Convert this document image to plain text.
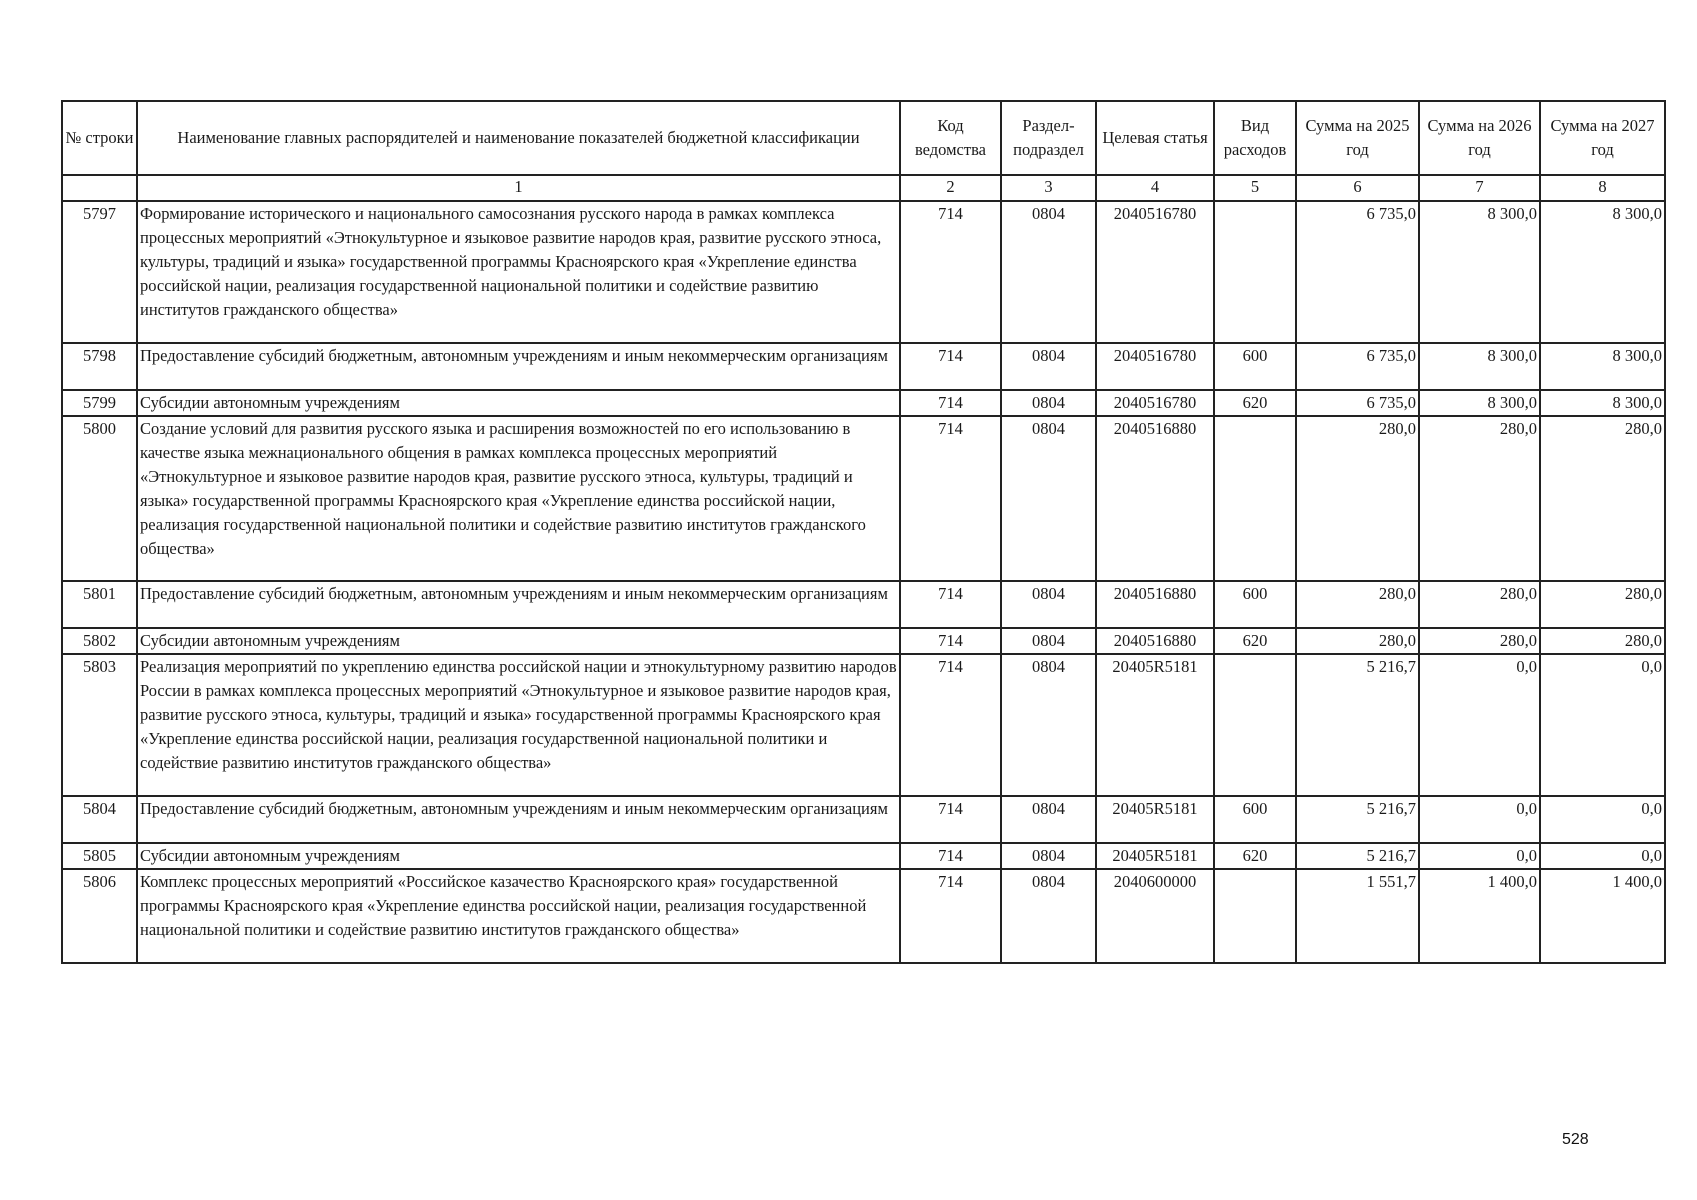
№ строки	Наименование главных распорядителей и наименование показателей бюджетной классификации	Код ведомства	Раздел-подраздел	Целевая статья	Вид расходов	Сумма на 2025 год	Сумма на 2026 год	Сумма на 2027 год
	1	2	3	4	5	6	7	8
5797	Формирование исторического и национального самосознания русского народа в рамках комплекса процессных мероприятий «Этнокультурное и языковое развитие народов края, развитие русского этноса, культуры, традиций и языка» государственной программы Красноярского края «Укрепление единства российской нации, реализация государственной национальной политики и содействие развитию институтов гражданского общества»	714	0804	2040516780		6 735,0	8 300,0	8 300,0
5798	Предоставление субсидий бюджетным, автономным учреждениям и иным некоммерческим организациям	714	0804	2040516780	600	6 735,0	8 300,0	8 300,0
5799	Субсидии автономным учреждениям	714	0804	2040516780	620	6 735,0	8 300,0	8 300,0
5800	Создание условий для развития русского языка и расширения возможностей по его использованию в качестве языка межнационального общения в рамках комплекса процессных мероприятий «Этнокультурное и языковое развитие народов края, развитие русского этноса, культуры, традиций и языка» государственной программы Красноярского края «Укрепление единства российской нации, реализация государственной национальной политики и содействие развитию институтов гражданского общества»	714	0804	2040516880		280,0	280,0	280,0
5801	Предоставление субсидий бюджетным, автономным учреждениям и иным некоммерческим организациям	714	0804	2040516880	600	280,0	280,0	280,0
5802	Субсидии автономным учреждениям	714	0804	2040516880	620	280,0	280,0	280,0
5803	Реализация мероприятий по укреплению единства российской нации и этнокультурному развитию народов России в рамках комплекса процессных мероприятий «Этнокультурное и языковое развитие народов края, развитие русского этноса, культуры, традиций и языка» государственной программы Красноярского края «Укрепление единства российской нации, реализация государственной национальной политики и содействие развитию институтов гражданского общества»	714	0804	20405R5181		5 216,7	0,0	0,0
5804	Предоставление субсидий бюджетным, автономным учреждениям и иным некоммерческим организациям	714	0804	20405R5181	600	5 216,7	0,0	0,0
5805	Субсидии автономным учреждениям	714	0804	20405R5181	620	5 216,7	0,0	0,0
5806	Комплекс процессных мероприятий «Российское казачество Красноярского края» государственной программы Красноярского края «Укрепление единства российской нации, реализация государственной национальной политики и содействие развитию институтов гражданского общества»	714	0804	2040600000		1 551,7	1 400,0	1 400,0
528
